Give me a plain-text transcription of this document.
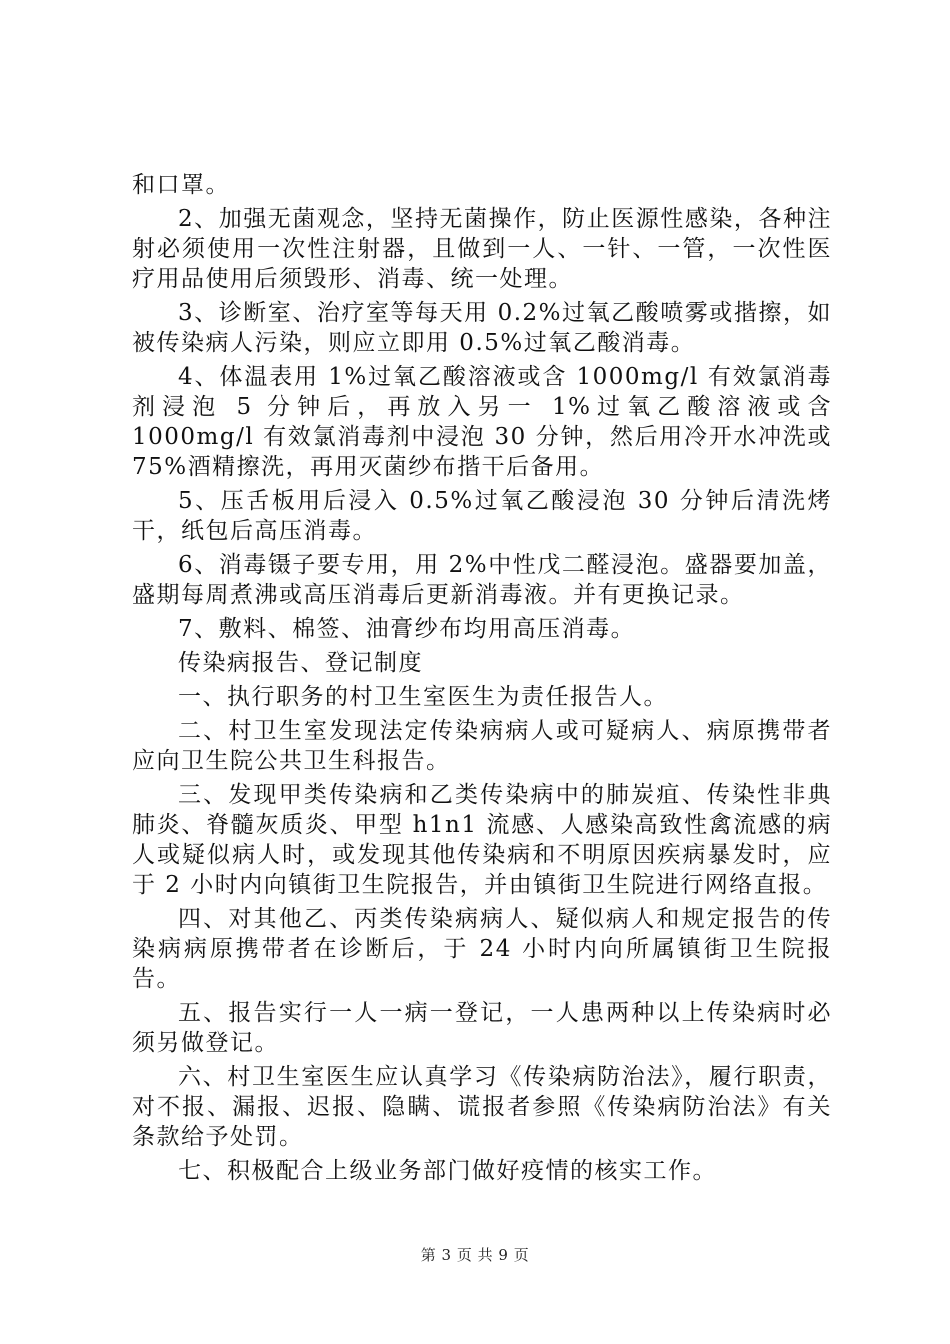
和口罩。

2、加强无菌观念，坚持无菌操作，防止医源性感染，各种注射必须使用一次性注射器，且做到一人、一针、一管，一次性医疗用品使用后须毁形、消毒、统一处理。

3、诊断室、治疗室等每天用 0.2%过氧乙酸喷雾或揩擦，如被传染病人污染，则应立即用 0.5%过氧乙酸消毒。

4、体温表用 1%过氧乙酸溶液或含 1000mg/l 有效氯消毒剂浸泡 5 分钟后，再放入另一 1%过氧乙酸溶液或含 1000mg/l 有效氯消毒剂中浸泡 30 分钟，然后用冷开水冲洗或 75%酒精擦洗，再用灭菌纱布揩干后备用。

5、压舌板用后浸入 0.5%过氧乙酸浸泡 30 分钟后清洗烤干，纸包后高压消毒。

6、消毒镊子要专用，用 2%中性戊二醛浸泡。盛器要加盖，盛期每周煮沸或高压消毒后更新消毒液。并有更换记录。

7、敷料、棉签、油膏纱布均用高压消毒。

传染病报告、登记制度

一、执行职务的村卫生室医生为责任报告人。

二、村卫生室发现法定传染病病人或可疑病人、病原携带者应向卫生院公共卫生科报告。

三、发现甲类传染病和乙类传染病中的肺炭疽、传染性非典肺炎、脊髓灰质炎、甲型 h1n1 流感、人感染高致性禽流感的病人或疑似病人时，或发现其他传染病和不明原因疾病暴发时，应于 2 小时内向镇街卫生院报告，并由镇街卫生院进行网络直报。

四、对其他乙、丙类传染病病人、疑似病人和规定报告的传染病病原携带者在诊断后，于 24 小时内向所属镇街卫生院报告。

五、报告实行一人一病一登记，一人患两种以上传染病时必须另做登记。

六、村卫生室医生应认真学习《传染病防治法》，履行职责，对不报、漏报、迟报、隐瞒、谎报者参照《传染病防治法》有关条款给予处罚。

七、积极配合上级业务部门做好疫情的核实工作。

第 3 页 共 9 页
